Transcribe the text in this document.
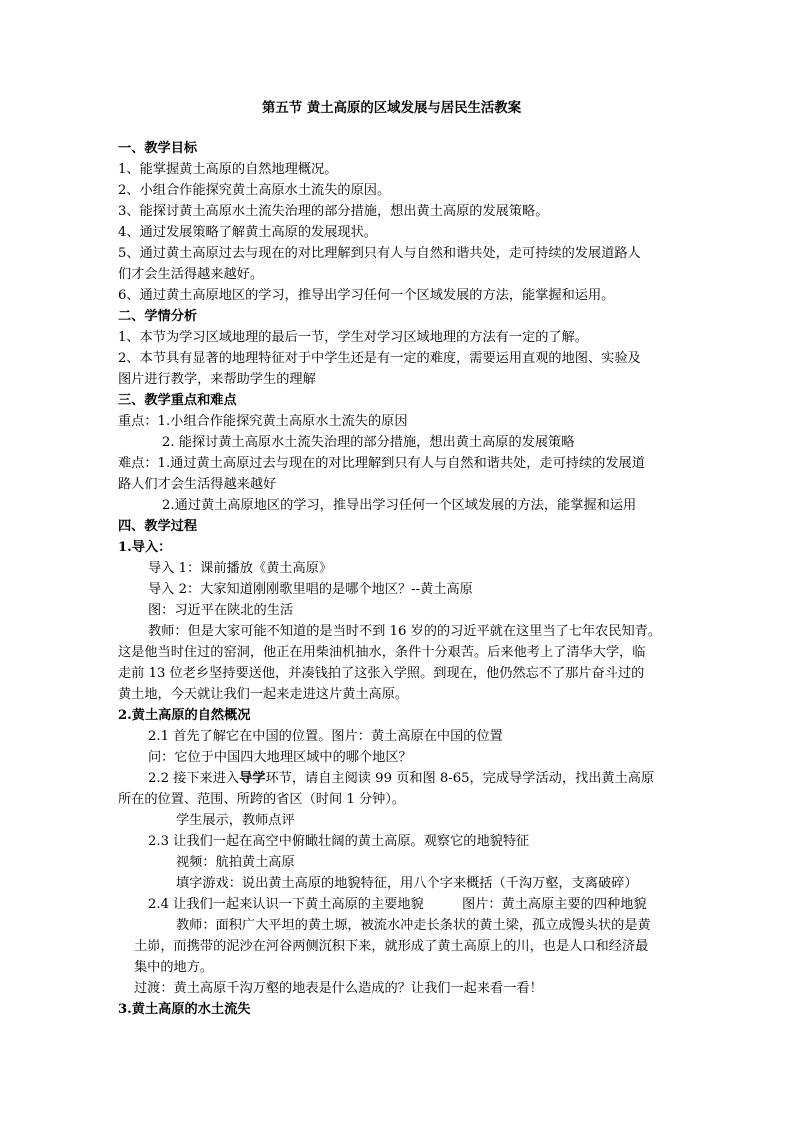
第五节 黄土高原的区域发展与居民生活教案
一、教学目标
1、能掌握黄土高原的自然地理概况。
2、小组合作能探究黄土高原水土流失的原因。
3、能探讨黄土高原水土流失治理的部分措施，想出黄土高原的发展策略。
4、通过发展策略了解黄土高原的发展现状。
5、通过黄土高原过去与现在的对比理解到只有人与自然和谐共处，走可持续的发展道路人
们才会生活得越来越好。
6、通过黄土高原地区的学习，推导出学习任何一个区域发展的方法，能掌握和运用。
二、学情分析
1、本节为学习区域地理的最后一节，学生对学习区域地理的方法有一定的了解。
2、本节具有显著的地理特征对于中学生还是有一定的难度，需要运用直观的地图、实验及
图片进行教学，来帮助学生的理解
三、教学重点和难点
重点：1.小组合作能探究黄土高原水土流失的原因
2. 能探讨黄土高原水土流失治理的部分措施，想出黄土高原的发展策略
难点：1.通过黄土高原过去与现在的对比理解到只有人与自然和谐共处，走可持续的发展道
路人们才会生活得越来越好
2.通过黄土高原地区的学习，推导出学习任何一个区域发展的方法，能掌握和运用
四、教学过程
1.导入：
导入 1：课前播放《黄土高原》
导入 2：大家知道刚刚歌里唱的是哪个地区？--黄土高原
图：习近平在陕北的生活
教师：但是大家可能不知道的是当时不到 16 岁的的习近平就在这里当了七年农民知青。
这是他当时住过的窑洞，他正在用柴油机抽水，条件十分艰苦。后来他考上了清华大学，临
走前 13 位老乡坚持要送他，并凑钱拍了这张入学照。到现在，他仍然忘不了那片奋斗过的
黄土地，今天就让我们一起来走进这片黄土高原。
2.黄土高原的自然概况
2.1 首先了解它在中国的位置。图片：黄土高原在中国的位置
问：它位于中国四大地理区域中的哪个地区？
2.2 接下来进入导学环节，请自主阅读 99 页和图 8-65，完成导学活动，找出黄土高原
所在的位置、范围、所跨的省区（时间 1 分钟）。
学生展示，教师点评
2.3 让我们一起在高空中俯瞰壮阔的黄土高原。观察它的地貌特征
视频：航拍黄土高原
填字游戏：说出黄土高原的地貌特征，用八个字来概括（千沟万壑，支离破碎）
2.4 让我们一起来认识一下黄土高原的主要地貌	图片：黄土高原主要的四种地貌
教师：面积广大平坦的黄土塬，被流水冲走长条状的黄土梁，孤立成馒头状的是黄
土峁，而携带的泥沙在河谷两侧沉积下来，就形成了黄土高原上的川，也是人口和经济最
集中的地方。
过渡：黄土高原千沟万壑的地表是什么造成的？让我们一起来看一看！
3.黄土高原的水土流失
